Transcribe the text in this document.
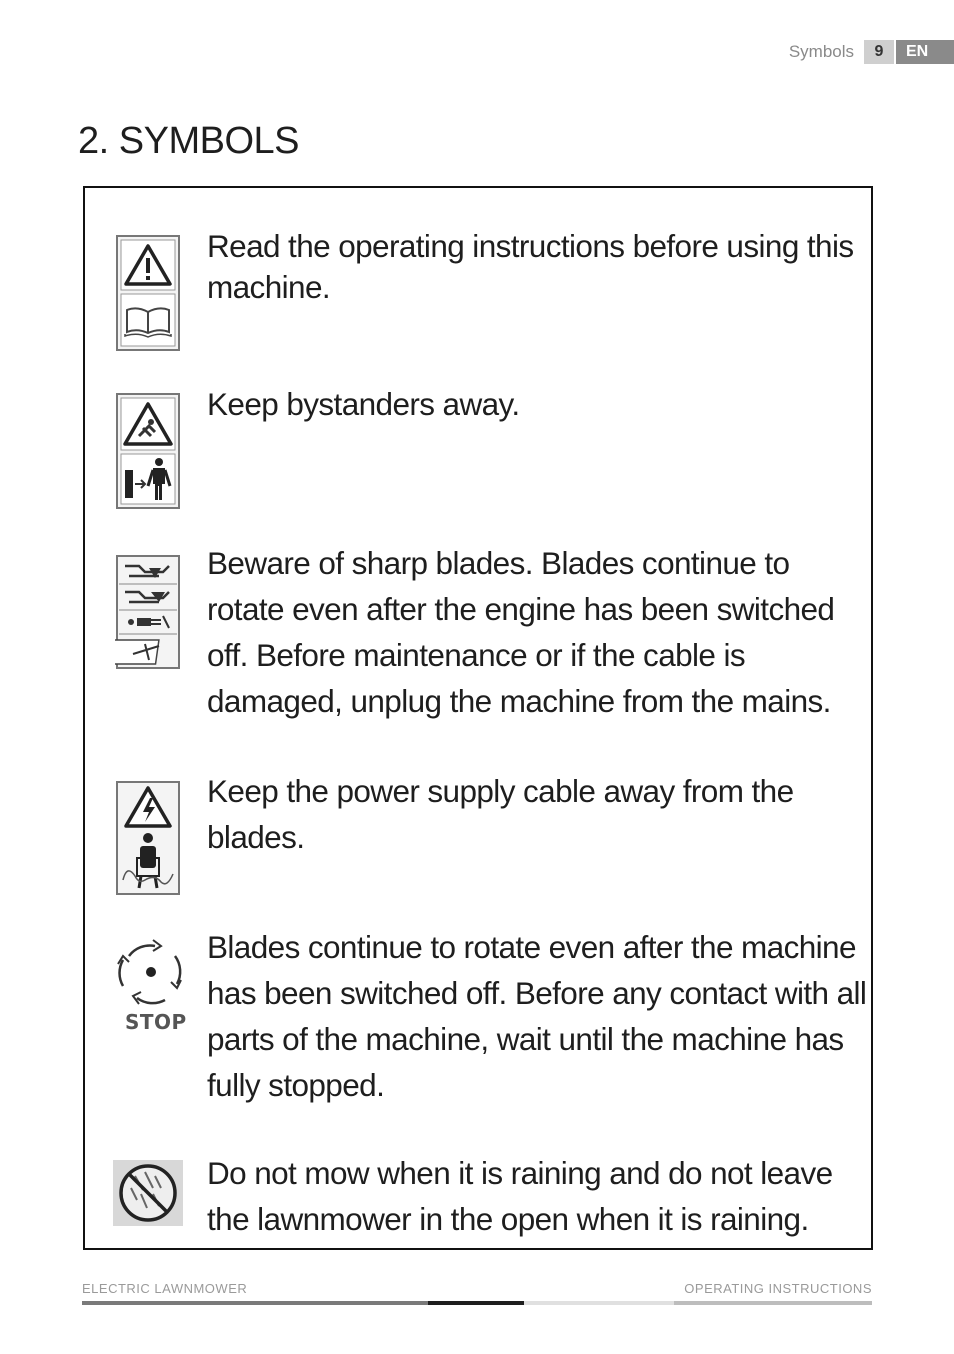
Symbols	9	EN
2. SYMBOLS
Read the operating instructions before using this machine.
Keep bystanders away.
Beware of sharp blades. Blades continue to rotate even after the engine has been switched off. Before maintenance or if the cable is damaged, unplug the machine from the mains.
Keep the power supply cable away from the blades.
STOP
Blades continue to rotate even after the machine has been switched off. Before any contact with all parts of the machine, wait until the machine has fully stopped.
Do not mow when it is raining and do not leave the lawnmower in the open when it is raining.
ELECTRIC LAWNMOWER	OPERATING INSTRUCTIONS
